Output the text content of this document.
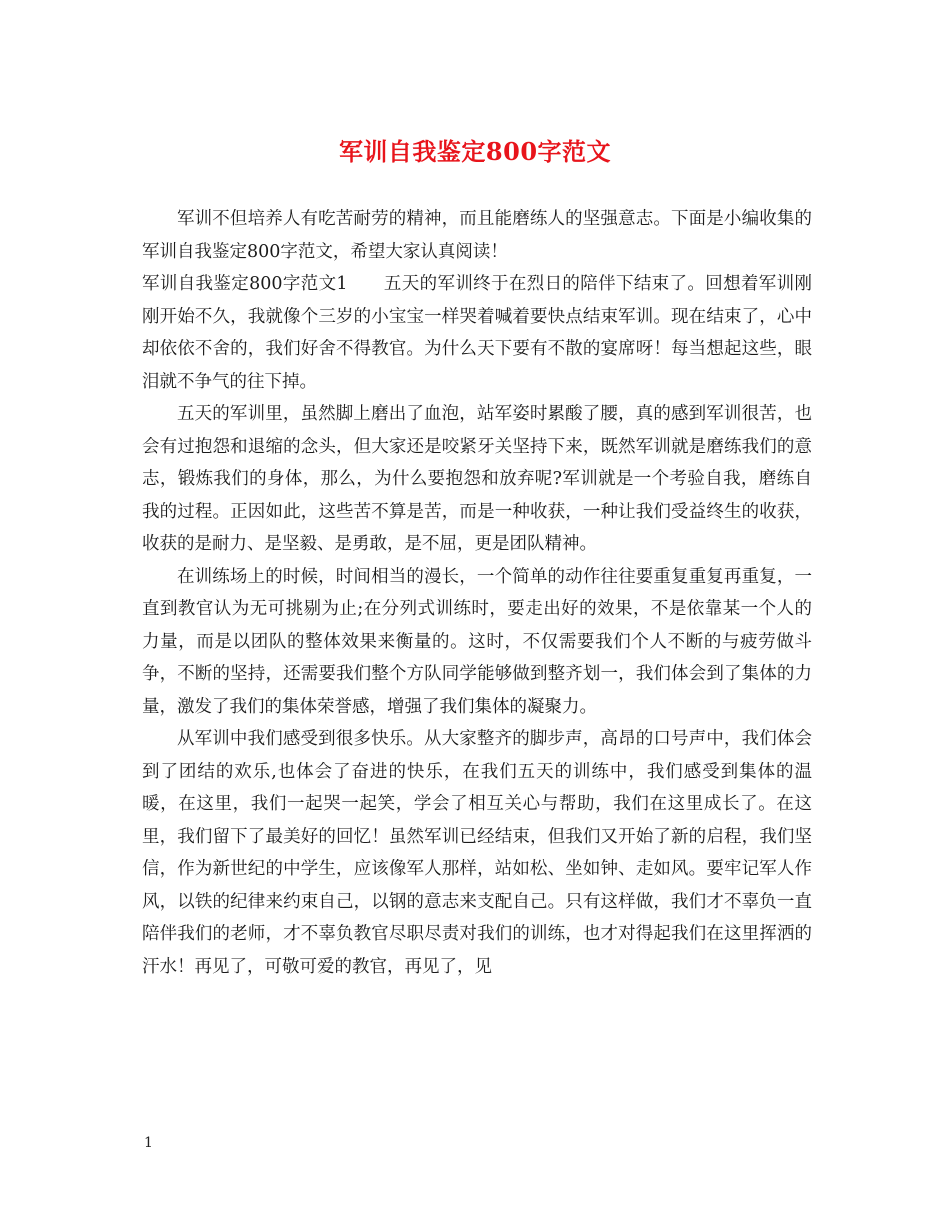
军训自我鉴定800字范文

军训不但培养人有吃苦耐劳的精神，而且能磨练人的坚强意志。下面是小编收集的军训自我鉴定800字范文，希望大家认真阅读！

军训自我鉴定800字范文1 五天的军训终于在烈日的陪伴下结束了。回想着军训刚刚开始不久，我就像个三岁的小宝宝一样哭着喊着要快点结束军训。现在结束了，心中却依依不舍的，我们好舍不得教官。为什么天下要有不散的宴席呀！每当想起这些，眼泪就不争气的往下掉。

五天的军训里，虽然脚上磨出了血泡，站军姿时累酸了腰，真的感到军训很苦，也会有过抱怨和退缩的念头，但大家还是咬紧牙关坚持下来，既然军训就是磨练我们的意志，锻炼我们的身体，那么，为什么要抱怨和放弃呢?军训就是一个考验自我，磨练自我的过程。正因如此，这些苦不算是苦，而是一种收获，一种让我们受益终生的收获，收获的是耐力、是坚毅、是勇敢，是不屈，更是团队精神。

在训练场上的时候，时间相当的漫长，一个简单的动作往往要重复重复再重复，一直到教官认为无可挑剔为止;在分列式训练时，要走出好的效果，不是依靠某一个人的力量，而是以团队的整体效果来衡量的。这时，不仅需要我们个人不断的与疲劳做斗争，不断的坚持，还需要我们整个方队同学能够做到整齐划一，我们体会到了集体的力量，激发了我们的集体荣誉感，增强了我们集体的凝聚力。

从军训中我们感受到很多快乐。从大家整齐的脚步声，高昂的口号声中，我们体会到了团结的欢乐,也体会了奋进的快乐，在我们五天的训练中，我们感受到集体的温暖，在这里，我们一起哭一起笑，学会了相互关心与帮助，我们在这里成长了。在这里，我们留下了最美好的回忆！虽然军训已经结束，但我们又开始了新的启程，我们坚信，作为新世纪的中学生，应该像军人那样，站如松、坐如钟、走如风。要牢记军人作风，以铁的纪律来约束自己，以钢的意志来支配自己。只有这样做，我们才不辜负一直陪伴我们的老师，才不辜负教官尽职尽责对我们的训练，也才对得起我们在这里挥洒的汗水！再见了，可敬可爱的教官，再见了，见

1
